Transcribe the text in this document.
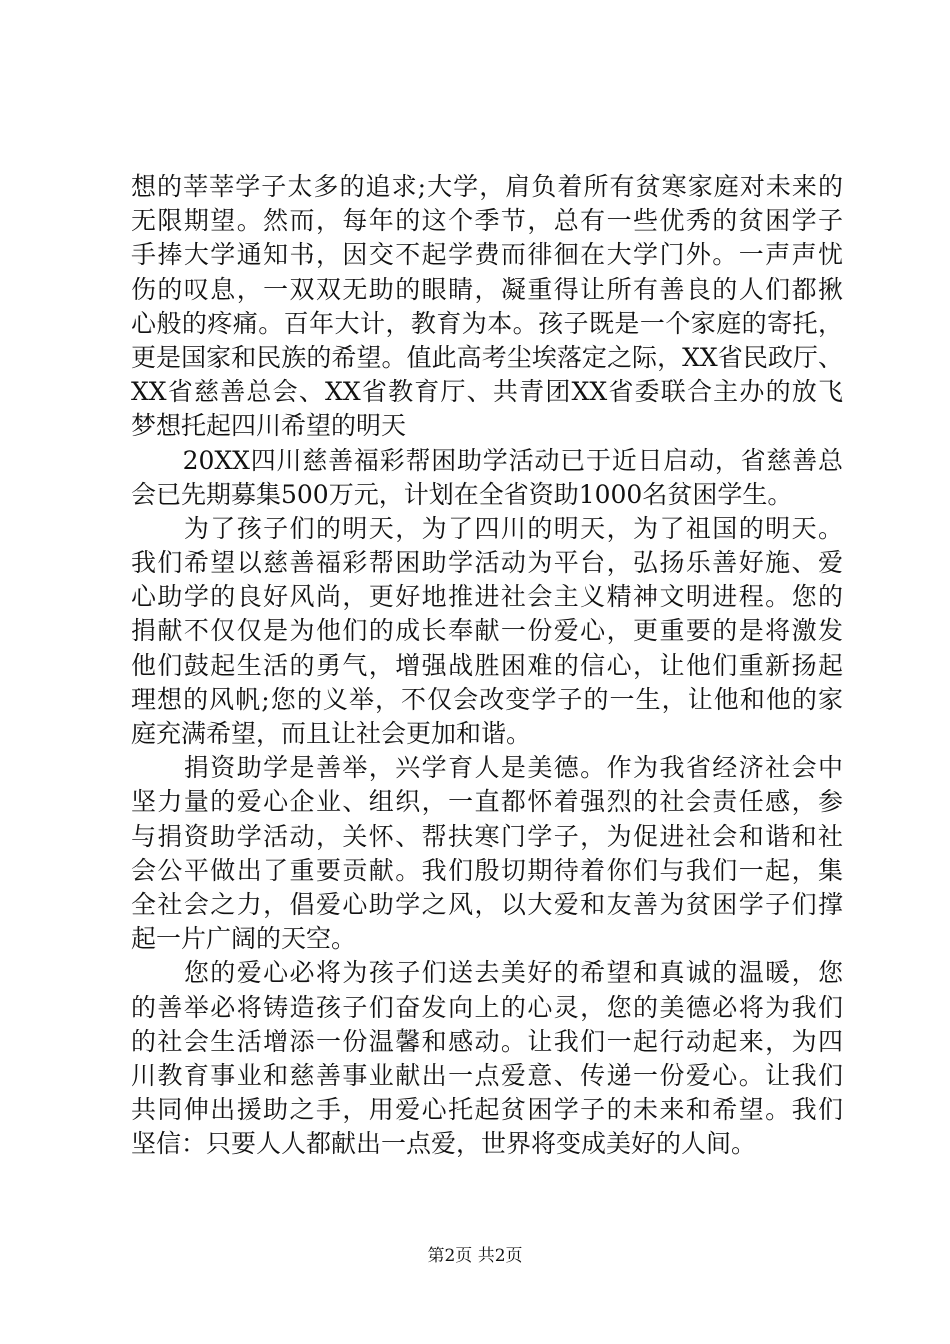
想的莘莘学子太多的追求;大学，肩负着所有贫寒家庭对未来的
无限期望。然而，每年的这个季节，总有一些优秀的贫困学子
手捧大学通知书，因交不起学费而徘徊在大学门外。一声声忧
伤的叹息，一双双无助的眼睛，凝重得让所有善良的人们都揪
心般的疼痛。百年大计，教育为本。孩子既是一个家庭的寄托，
更是国家和民族的希望。值此高考尘埃落定之际，XX省民政厅、
XX省慈善总会、XX省教育厅、共青团XX省委联合主办的放飞
梦想托起四川希望的明天
　　20XX四川慈善福彩帮困助学活动已于近日启动，省慈善总
会已先期募集500万元，计划在全省资助1000名贫困学生。
　　为了孩子们的明天，为了四川的明天，为了祖国的明天。
我们希望以慈善福彩帮困助学活动为平台，弘扬乐善好施、爱
心助学的良好风尚，更好地推进社会主义精神文明进程。您的
捐献不仅仅是为他们的成长奉献一份爱心，更重要的是将激发
他们鼓起生活的勇气，增强战胜困难的信心，让他们重新扬起
理想的风帆;您的义举，不仅会改变学子的一生，让他和他的家
庭充满希望，而且让社会更加和谐。
　　捐资助学是善举，兴学育人是美德。作为我省经济社会中
坚力量的爱心企业、组织，一直都怀着强烈的社会责任感，参
与捐资助学活动，关怀、帮扶寒门学子，为促进社会和谐和社
会公平做出了重要贡献。我们殷切期待着你们与我们一起，集
全社会之力，倡爱心助学之风，以大爱和友善为贫困学子们撑
起一片广阔的天空。
　　您的爱心必将为孩子们送去美好的希望和真诚的温暖，您
的善举必将铸造孩子们奋发向上的心灵，您的美德必将为我们
的社会生活增添一份温馨和感动。让我们一起行动起来，为四
川教育事业和慈善事业献出一点爱意、传递一份爱心。让我们
共同伸出援助之手，用爱心托起贫困学子的未来和希望。我们
坚信：只要人人都献出一点爱，世界将变成美好的人间。
第2页 共2页
